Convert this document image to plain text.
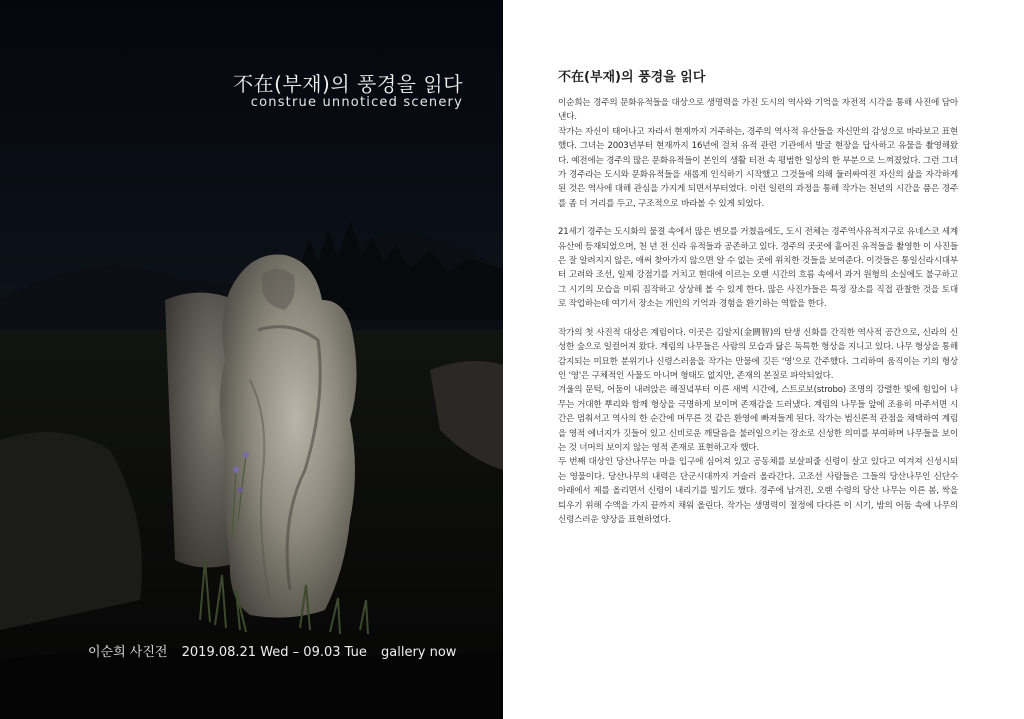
不在(부재)의 풍경을 읽다
construe unnoticed scenery
이순희 사진전 2019.08.21 Wed – 09.03 Tue gallery now
不在(부재)의 풍경을 읽다

이순희는 경주의 문화유적들을 대상으로 생명력을 가진 도시의 역사와 기억을 자전적 시각을 통해 사진에 담아낸다.

작가는 자신이 태어나고 자라서 현재까지 거주하는, 경주의 역사적 유산들을 자신만의 감성으로 바라보고 표현했다. 그녀는 2003년부터 현재까지 16년에 걸쳐 유적 관련 기관에서 발굴 현장을 답사하고 유물을 촬영해왔다. 예전에는 경주의 많은 문화유적들이 본인의 생활 터전 속 평범한 일상의 한 부분으로 느껴졌었다. 그런 그녀가 경주라는 도시와 문화유적들을 새롭게 인식하기 시작했고 그것들에 의해 둘러싸여진 자신의 삶을 자각하게 된 것은 역사에 대해 관심을 가지게 되면서부터였다. 이런 일련의 과정을 통해 작가는 천년의 시간을 품은 경주를 좀 더 거리를 두고, 구조적으로 바라볼 수 있게 되었다.

21세기 경주는 도시화의 물결 속에서 많은 변모를 거쳤음에도, 도시 전체는 경주역사유적지구로 유네스코 세계유산에 등재되었으며, 천 년 전 신라 유적들과 공존하고 있다. 경주의 곳곳에 흩어진 유적들을 촬영한 이 사진들은 잘 알려지지 않은, 애써 찾아가지 않으면 알 수 없는 곳에 위치한 것들을 보여준다. 이것들은 통일신라시대부터 고려와 조선, 일제 강점기를 거치고 현대에 이르는 오랜 시간의 흐름 속에서 과거 원형의 소실에도 불구하고 그 시기의 모습을 미뤄 짐작하고 상상해 볼 수 있게 한다. 많은 사진가들은 특정 장소를 직접 관찰한 것을 토대로 작업하는데 여기서 장소는 개인의 기억과 경험을 환기하는 역할을 한다.

작가의 첫 사진적 대상은 계림이다. 이곳은 김알지(金閼智)의 탄생 신화를 간직한 역사적 공간으로, 신라의 신성한 숲으로 일컬어져 왔다. 계림의 나무들은 사람의 모습과 닮은 독특한 형상을 지니고 있다. 나무 형상을 통해 감지되는 미묘한 분위기나 신령스러움을 작가는 만물에 깃든 '영'으로 간주했다. 그리하여 움직이는 기의 형상인 '영'은 구체적인 사물도 아니며 형태도 없지만, 존재의 본질로 파악되었다.

겨울의 문턱, 어둠이 내려앉은 해질녘부터 이른 새벽 시간에, 스트로보(strobo) 조명의 강렬한 빛에 힘입어 나무는 거대한 뿌리와 함께 형상을 극명하게 보이며 존재감을 드러냈다. 계림의 나무들 앞에 조용히 마주서면 시간은 멈춰서고 역사의 한 순간에 머무른 것 같은 환영에 빠져들게 된다. 작가는 범신론적 관점을 채택하여 계림을 영적 에너지가 깃들어 있고 신비로운 깨달음을 불러일으키는 장소로 신성한 의미를 부여하며 나무들을 보이는 것 너머의 보이지 않는 영적 존재로 표현하고자 했다.

두 번째 대상인 당산나무는 마을 입구에 심어져 있고 공동체를 보살피줄 신령이 살고 있다고 여겨져 신성시되는 영물이다. 당산나무의 내력은 단군시대까지 거슬러 올라간다. 고조선 사람들은 그들의 당산나무인 신단수 아래에서 제를 올리면서 신령이 내리기를 빌기도 했다. 경주에 남겨진, 오랜 수령의 당산 나무는 이른 봄, 싹을 틔우기 위해 수액을 가지 끝까지 채워 올린다. 작가는 생명력이 절정에 다다른 이 시기, 밤의 어둠 속에 나무의 신령스러운 양상을 표현하였다.
